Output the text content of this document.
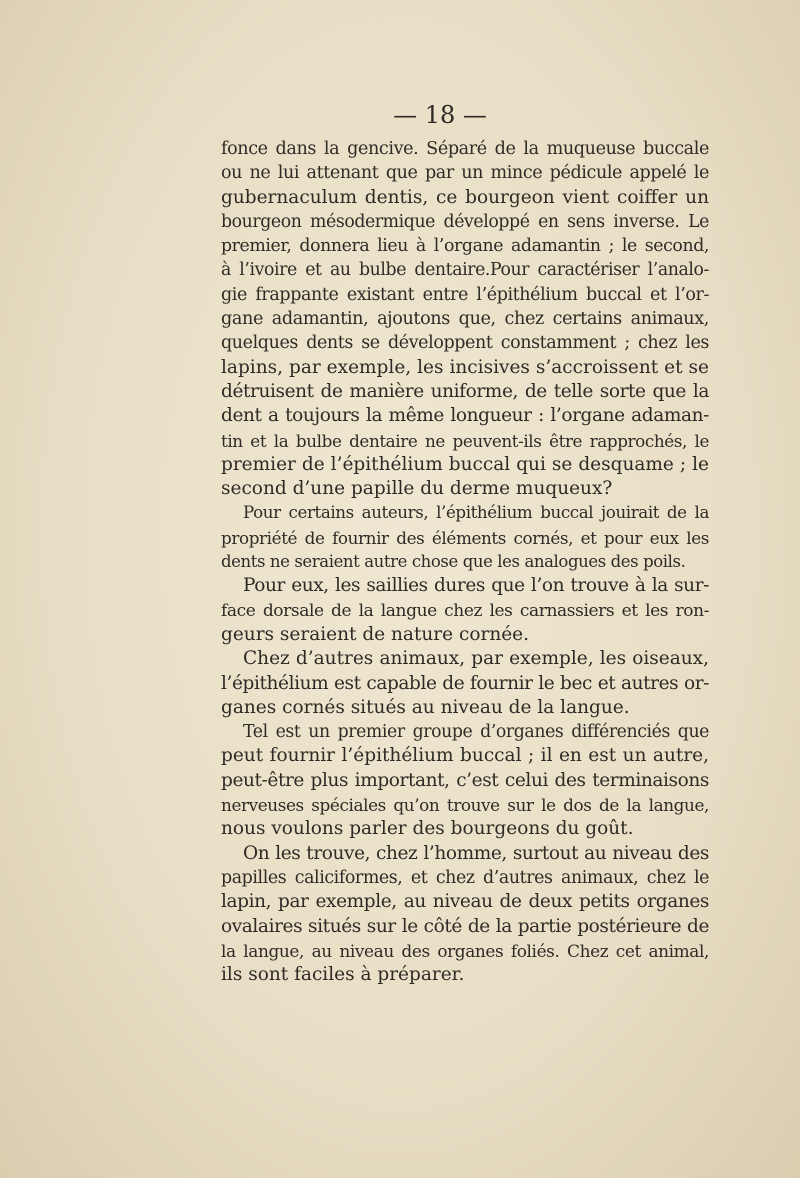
— 18 —
fonce dans la gencive. Séparé de la muqueuse buccale
ou ne lui attenant que par un mince pédicule appelé le
gubernaculum dentis, ce bourgeon vient coiffer un
bourgeon mésodermique développé en sens inverse. Le
premier, donnera lieu à l’organe adamantin ; le second,
à l’ivoire et au bulbe dentaire.Pour caractériser l’analo-
gie frappante existant entre l’épithélium buccal et l’or-
gane adamantin, ajoutons que, chez certains animaux,
quelques dents se développent constamment ; chez les
lapins, par exemple, les incisives s’accroissent et se
détruisent de manière uniforme, de telle sorte que la
dent a toujours la même longueur : l’organe adaman-
tin et la bulbe dentaire ne peuvent-ils être rapprochés, le
premier de l’épithélium buccal qui se desquame ; le
second d’une papille du derme muqueux?
Pour certains auteurs, l’épithélium buccal jouirait de la
propriété de fournir des éléments cornés, et pour eux les
dents ne seraient autre chose que les analogues des poils.
Pour eux, les saillies dures que l’on trouve à la sur-
face dorsale de la langue chez les carnassiers et les ron-
geurs seraient de nature cornée.
Chez d’autres animaux, par exemple, les oiseaux,
l’épithélium est capable de fournir le bec et autres or-
ganes cornés situés au niveau de la langue.
Tel est un premier groupe d’organes différenciés que
peut fournir l’épithélium buccal ; il en est un autre,
peut-être plus important, c’est celui des terminaisons
nerveuses spéciales qu’on trouve sur le dos de la langue,
nous voulons parler des bourgeons du goût.
On les trouve, chez l’homme, surtout au niveau des
papilles caliciformes, et chez d’autres animaux, chez le
lapin, par exemple, au niveau de deux petits organes
ovalaires situés sur le côté de la partie postérieure de
la langue, au niveau des organes foliés. Chez cet animal,
ils sont faciles à préparer.
